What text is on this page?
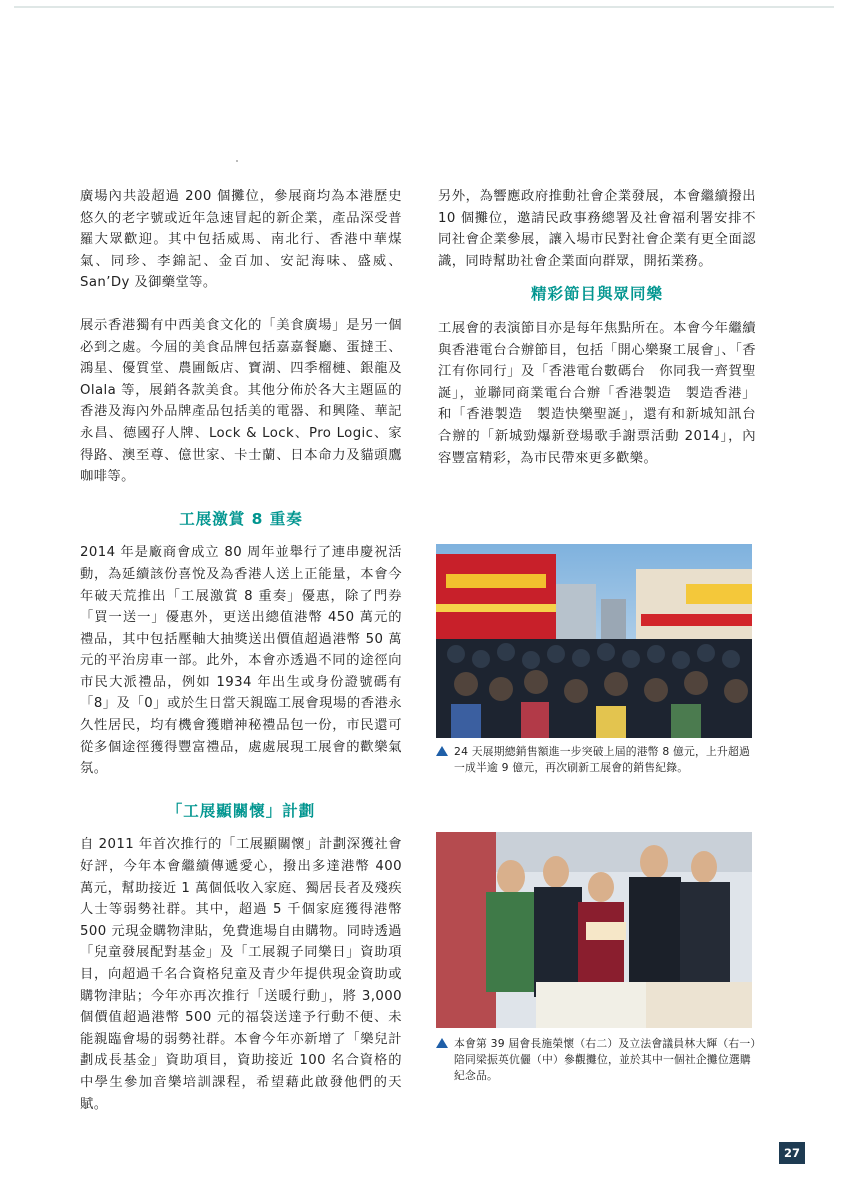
廣場內共設超過 200 個攤位，參展商均為本港歷史悠久的老字號或近年急速冒起的新企業，產品深受普羅大眾歡迎。其中包括威馬、南北行、香港中華煤氣、同珍、李錦記、金百加、安記海味、盛威、San’Dy 及御藥堂等。

展示香港獨有中西美食文化的「美食廣場」是另一個必到之處。今屆的美食品牌包括嘉嘉餐廳、蛋撻王、鴻星、優質堂、農圃飯店、寶湖、四季榴槤、銀龍及 Olala 等，展銷各款美食。其他分佈於各大主題區的香港及海內外品牌產品包括美的電器、和興隆、華記永昌、德國孖人牌、Lock & Lock、Pro Logic、家得路、澳至尊、億世家、卡士蘭、日本命力及貓頭鷹咖啡等。

工展激賞 8 重奏

2014 年是廠商會成立 80 周年並舉行了連串慶祝活動，為延續該份喜悅及為香港人送上正能量，本會今年破天荒推出「工展激賞 8 重奏」優惠，除了門券「買一送一」優惠外，更送出總值港幣 450 萬元的禮品，其中包括壓軸大抽獎送出價值超過港幣 50 萬元的平治房車一部。此外，本會亦透過不同的途徑向市民大派禮品，例如 1934 年出生或身份證號碼有「8」及「0」或於生日當天親臨工展會現場的香港永久性居民，均有機會獲贈神秘禮品包一份，市民還可從多個途徑獲得豐富禮品，處處展現工展會的歡樂氣氛。

「工展顯關懷」計劃

自 2011 年首次推行的「工展顯關懷」計劃深獲社會好評，今年本會繼續傳遞愛心，撥出多達港幣 400 萬元，幫助接近 1 萬個低收入家庭、獨居長者及殘疾人士等弱勢社群。其中，超過 5 千個家庭獲得港幣 500 元現金購物津貼，免費進場自由購物。同時透過「兒童發展配對基金」及「工展親子同樂日」資助項目，向超過千名合資格兒童及青少年提供現金資助或購物津貼；今年亦再次推行「送暖行動」，將 3,000 個價值超過港幣 500 元的福袋送達予行動不便、未能親臨會場的弱勢社群。本會今年亦新增了「樂兒計劃成長基金」資助項目，資助接近 100 名合資格的中學生參加音樂培訓課程，希望藉此啟發他們的天賦。

另外，為響應政府推動社會企業發展，本會繼續撥出 10 個攤位，邀請民政事務總署及社會福利署安排不同社會企業參展，讓入場市民對社會企業有更全面認識，同時幫助社會企業面向群眾，開拓業務。

精彩節目與眾同樂

工展會的表演節目亦是每年焦點所在。本會今年繼續與香港電台合辦節目，包括「開心樂聚工展會」、「香江有你同行」及「香港電台數碼台　你同我一齊賀聖誕」，並聯同商業電台合辦「香港製造　製造香港」和「香港製造　製造快樂聖誕」，還有和新城知訊台合辦的「新城勁爆新登場歌手謝票活動 2014」，內容豐富精彩，為市民帶來更多歡樂。

24 天展期總銷售額進一步突破上屆的港幣 8 億元，上升超過一成半逾 9 億元，再次刷新工展會的銷售紀錄。
本會第 39 屆會長施榮懷（右二）及立法會議員林大輝（右一）陪同梁振英伉儷（中）參觀攤位，並於其中一個社企攤位選購紀念品。
27
